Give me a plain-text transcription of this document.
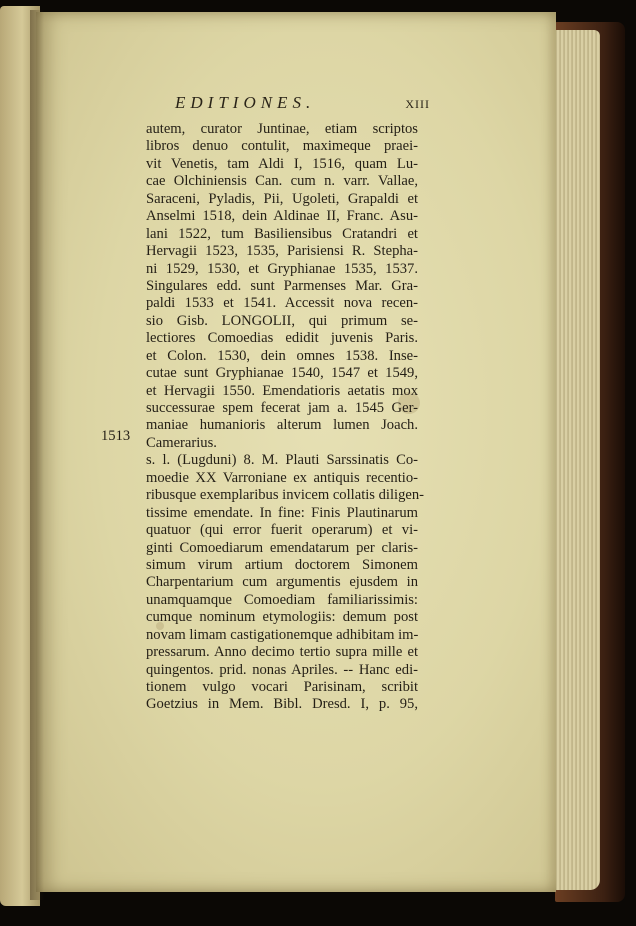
EDITIONES.	xiii
1513
autem, curator Juntinae, etiam scriptos
libros denuo contulit, maximeque praei-
vit Venetis, tam Aldi I, 1516, quam Lu-
cae Olchiniensis Can. cum n. varr. Vallae,
Saraceni, Pyladis, Pii, Ugoleti, Grapaldi et
Anselmi 1518, dein Aldinae II, Franc. Asu-
lani 1522, tum Basiliensibus Cratandri et
Hervagii 1523, 1535, Parisiensi R. Stepha-
ni 1529, 1530, et Gryphianae 1535, 1537.
Singulares edd. sunt Parmenses Mar. Gra-
paldi 1533 et 1541. Accessit nova recen-
sio Gisb. LONGOLII, qui primum se-
lectiores Comoedias edidit juvenis Paris.
et Colon. 1530, dein omnes 1538. Inse-
cutae sunt Gryphianae 1540, 1547 et 1549,
et Hervagii 1550. Emendatioris aetatis mox
successurae spem fecerat jam a. 1545 Ger-
maniae humanioris alterum lumen Joach.
Camerarius.
s. l. (Lugduni) 8. M. Plauti Sarssinatis Co-
moedie XX Varroniane ex antiquis recentio-
ribusque exemplaribus invicem collatis diligen-
tissime emendate. In fine: Finis Plautinarum
quatuor (qui error fuerit operarum) et vi-
ginti Comoediarum emendatarum per claris-
simum virum artium doctorem Simonem
Charpentarium cum argumentis ejusdem in
unamquamque Comoediam familiarissimis:
cumque nominum etymologiis: demum post
novam limam castigationemque adhibitam im-
pressarum. Anno decimo tertio supra mille et
quingentos. prid. nonas Apriles. -- Hanc edi-
tionem vulgo vocari Parisinam, scribit
Goetzius in Mem. Bibl. Dresd. I, p. 95,
